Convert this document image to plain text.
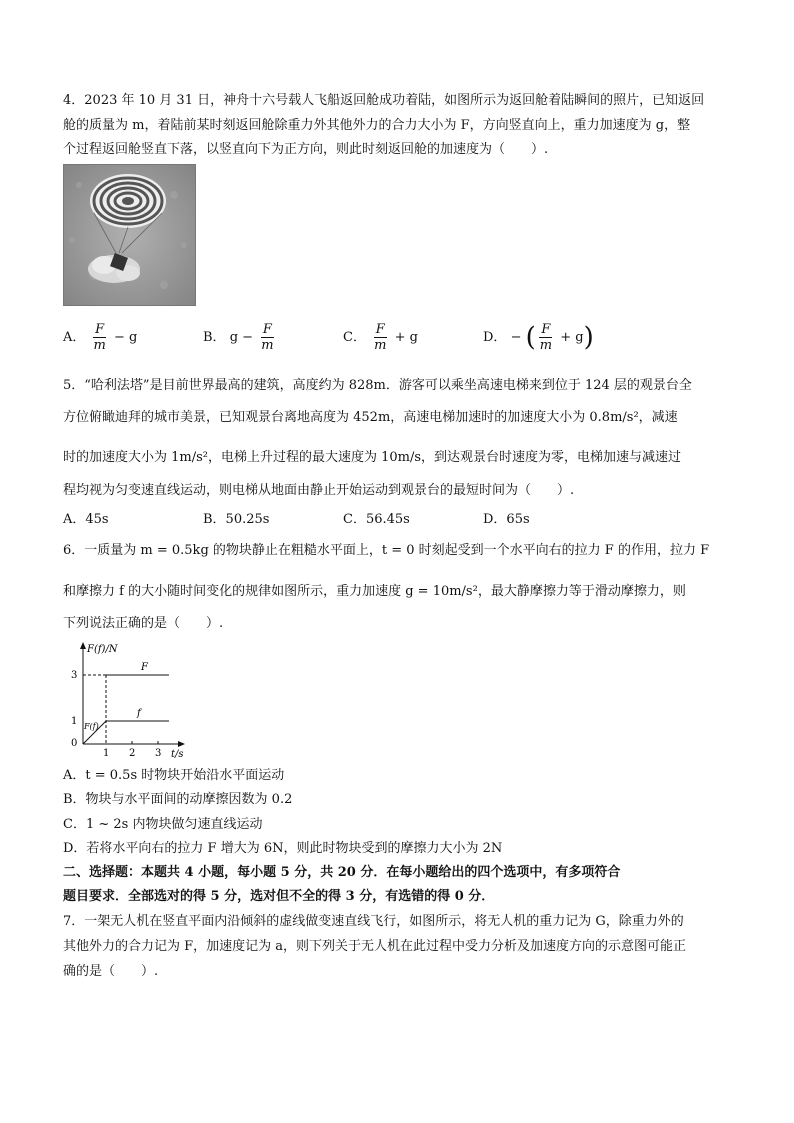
4．2023 年 10 月 31 日，神舟十六号载人飞船返回舱成功着陆，如图所示为返回舱着陆瞬间的照片，已知返回
舱的质量为 m，着陆前某时刻返回舱除重力外其他外力的合力大小为 F，方向竖直向上，重力加速度为 g，整
个过程返回舱竖直下落，以竖直向下为正方向，则此时刻返回舱的加速度为（　　）.
A． $\frac{F}{m} - g$	B． $g - \frac{F}{m}$	C． $\frac{F}{m} + g$	D． − ( $\frac{F}{m} + g$)
5．“哈利法塔”是目前世界最高的建筑，高度约为 828m．游客可以乘坐高速电梯来到位于 124 层的观景台全
方位俯瞰迪拜的城市美景，已知观景台离地高度为 452m，高速电梯加速时的加速度大小为 0.8m/s²，减速
时的加速度大小为 1m/s²，电梯上升过程的最大速度为 10m/s，到达观景台时速度为零，电梯加速与减速过
程均视为匀变速直线运动，则电梯从地面由静止开始运动到观景台的最短时间为（　　）.
A．45s	B．50.25s	C．56.45s	D．65s
6．一质量为 m = 0.5kg 的物块静止在粗糙水平面上，t = 0 时刻起受到一个水平向右的拉力 F 的作用，拉力 F
和摩擦力 f 的大小随时间变化的规律如图所示，重力加速度 g = 10m/s²，最大静摩擦力等于滑动摩擦力，则
下列说法正确的是（　　）.
F(f)/N
t/s
0
1
3
1 2 3
F
f
F(f)
A．t = 0.5s 时物块开始沿水平面运动
B．物块与水平面间的动摩擦因数为 0.2
C．1 ~ 2s 内物块做匀速直线运动
D．若将水平向右的拉力 F 增大为 6N，则此时物块受到的摩擦力大小为 2N
二、选择题：本题共 4 小题，每小题 5 分，共 20 分．在每小题给出的四个选项中，有多项符合
题目要求．全部选对的得 5 分，选对但不全的得 3 分，有选错的得 0 分．
7．一架无人机在竖直平面内沿倾斜的虚线做变速直线飞行，如图所示，将无人机的重力记为 G，除重力外的
其他外力的合力记为 F，加速度记为 a，则下列关于无人机在此过程中受力分析及加速度方向的示意图可能正
确的是（　　）.
